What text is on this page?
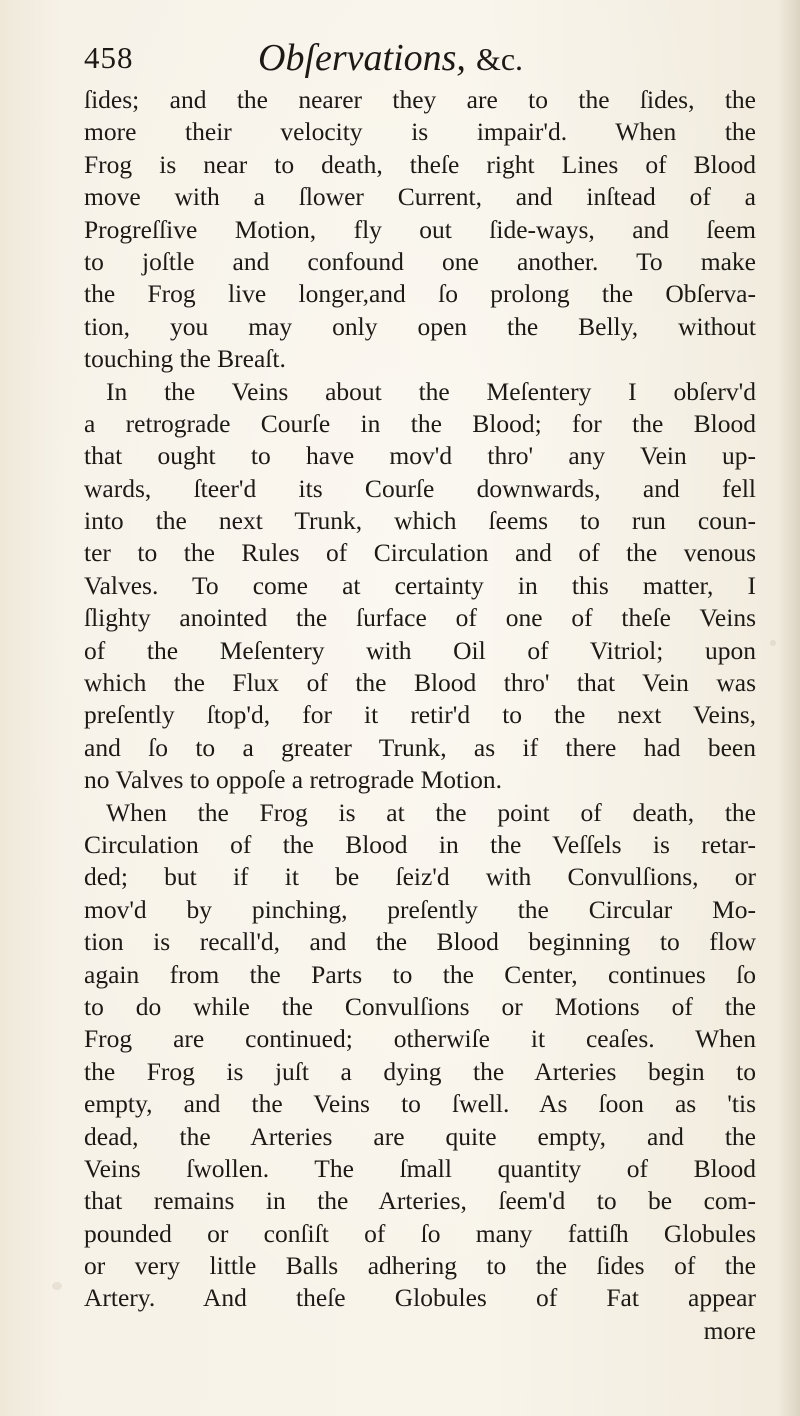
458	Obſervations, &c.
ſides; and the nearer they are to the ſides, the
more their velocity is impair'd. When the
Frog is near to death, theſe right Lines of Blood
move with a ſlower Current, and inſtead of a
Progreſſive Motion, fly out ſide-ways, and ſeem
to joſtle and confound one another. To make
the Frog live longer,and ſo prolong the Obſerva-
tion, you may only open the Belly, without
touching the Breaſt.
In the Veins about the Meſentery I obſerv'd
a retrograde Courſe in the Blood; for the Blood
that ought to have mov'd thro' any Vein up-
wards, ſteer'd its Courſe downwards, and fell
into the next Trunk, which ſeems to run coun-
ter to the Rules of Circulation and of the venous
Valves. To come at certainty in this matter, I
ſlighty anointed the ſurface of one of theſe Veins
of the Meſentery with Oil of Vitriol; upon
which the Flux of the Blood thro' that Vein was
preſently ſtop'd, for it retir'd to the next Veins,
and ſo to a greater Trunk, as if there had been
no Valves to oppoſe a retrograde Motion.
When the Frog is at the point of death, the
Circulation of the Blood in the Veſſels is retar-
ded; but if it be ſeiz'd with Convulſions, or
mov'd by pinching, preſently the Circular Mo-
tion is recall'd, and the Blood beginning to flow
again from the Parts to the Center, continues ſo
to do while the Convulſions or Motions of the
Frog are continued; otherwiſe it ceaſes. When
the Frog is juſt a dying the Arteries begin to
empty, and the Veins to ſwell. As ſoon as 'tis
dead, the Arteries are quite empty, and the
Veins ſwollen. The ſmall quantity of Blood
that remains in the Arteries, ſeem'd to be com-
pounded or conſiſt of ſo many fattiſh Globules
or very little Balls adhering to the ſides of the
Artery. And theſe Globules of Fat appear
more
